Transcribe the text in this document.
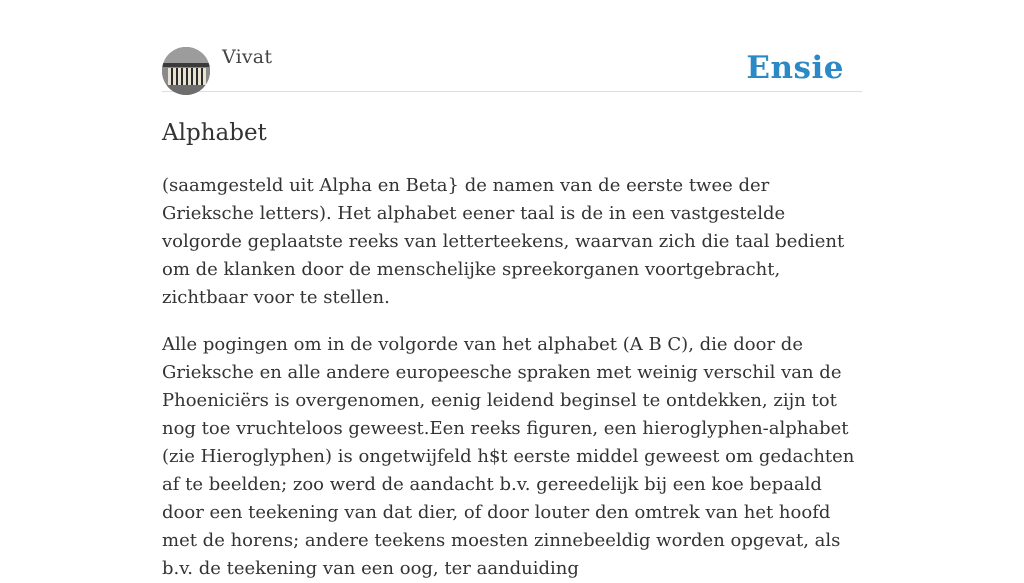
Vivat	Ensie
Alphabet

(saamgesteld uit Alpha en Beta} de namen van de eerste twee der Grieksche letters). Het alphabet eener taal is de in een vastgestelde volgorde geplaatste reeks van letterteekens, waarvan zich die taal bedient om de klanken door de menschelijke spreekorganen voortgebracht, zichtbaar voor te stellen.

Alle pogingen om in de volgorde van het alphabet (A B C), die door de Grieksche en alle andere europeesche spraken met weinig verschil van de Phoeniciërs is overgenomen, eenig leidend beginsel te ontdekken, zijn tot nog toe vruchteloos geweest.Een reeks figuren, een hieroglyphen-alphabet (zie Hieroglyphen) is ongetwijfeld h$t eerste middel geweest om gedachten af te beelden; zoo werd de aandacht b.v. gereedelijk bij een koe bepaald door een teekening van dat dier, of door louter den omtrek van het hoofd met de horens; andere teekens moesten zinnebeeldig worden opgevat, als b.v. de teekening van een oog, ter aanduiding
